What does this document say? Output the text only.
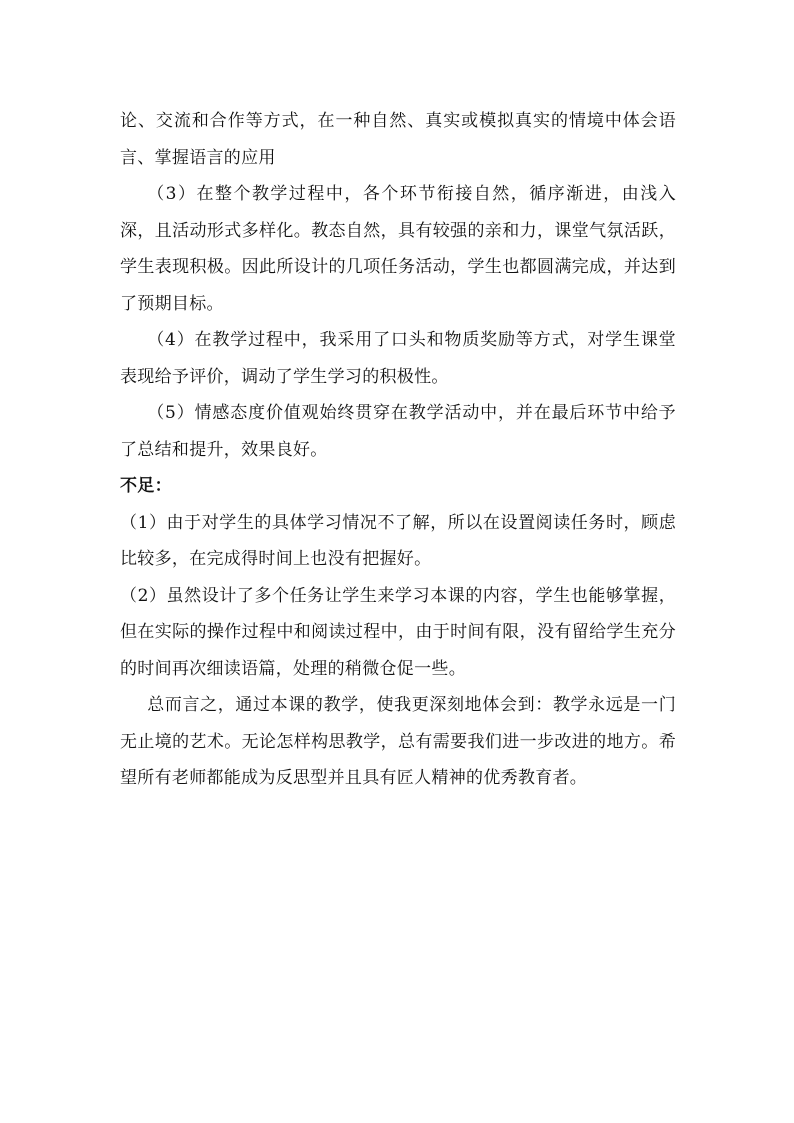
论、交流和合作等方式，在一种自然、真实或模拟真实的情境中体会语言、掌握语言的应用

（3）在整个教学过程中，各个环节衔接自然，循序渐进，由浅入深，且活动形式多样化。教态自然，具有较强的亲和力，课堂气氛活跃，学生表现积极。因此所设计的几项任务活动，学生也都圆满完成，并达到了预期目标。

（4）在教学过程中，我采用了口头和物质奖励等方式，对学生课堂表现给予评价，调动了学生学习的积极性。

（5）情感态度价值观始终贯穿在教学活动中，并在最后环节中给予了总结和提升，效果良好。

不足：

（1）由于对学生的具体学习情况不了解，所以在设置阅读任务时，顾虑比较多，在完成得时间上也没有把握好。

（2）虽然设计了多个任务让学生来学习本课的内容，学生也能够掌握，但在实际的操作过程中和阅读过程中，由于时间有限，没有留给学生充分的时间再次细读语篇，处理的稍微仓促一些。

总而言之，通过本课的教学，使我更深刻地体会到：教学永远是一门无止境的艺术。无论怎样构思教学，总有需要我们进一步改进的地方。希望所有老师都能成为反思型并且具有匠人精神的优秀教育者。
